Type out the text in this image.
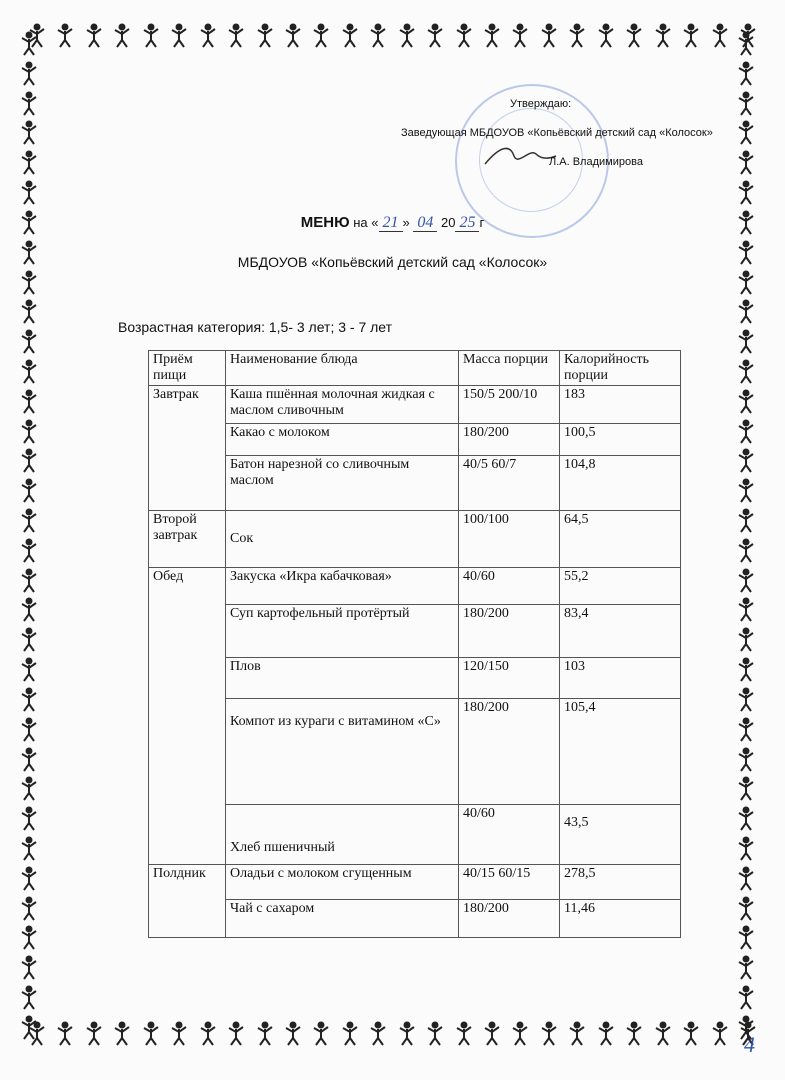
Утверждаю:
Заведующая МБДОУОВ «Копьёвский детский сад «Колосок»
Л.А. Владимирова
МЕНЮ на « 21 » 04 20 25 г
МБДОУОВ «Копьёвский детский сад «Колосок»
Возрастная категория: 1,5- 3 лет; 3 - 7 лет
Приём пищи	Наименование блюда	Масса порции	Калорийность порции
Завтрак	Каша пшённая молочная жидкая с маслом сливочным	150/5 200/10	183
	Какао с молоком	180/200	100,5
	Батон нарезной со сливочным маслом	40/5 60/7	104,8
Второй завтрак	Сок	100/100	64,5
Обед	Закуска «Икра кабачковая»	40/60	55,2
	Суп картофельный протёртый	180/200	83,4
	Плов	120/150	103
	Компот из кураги с витамином «С»	180/200	105,4
	Хлеб пшеничный	40/60	43,5
Полдник	Оладьи с молоком сгущенным	40/15 60/15	278,5
	Чай с сахаром	180/200	11,46
4
